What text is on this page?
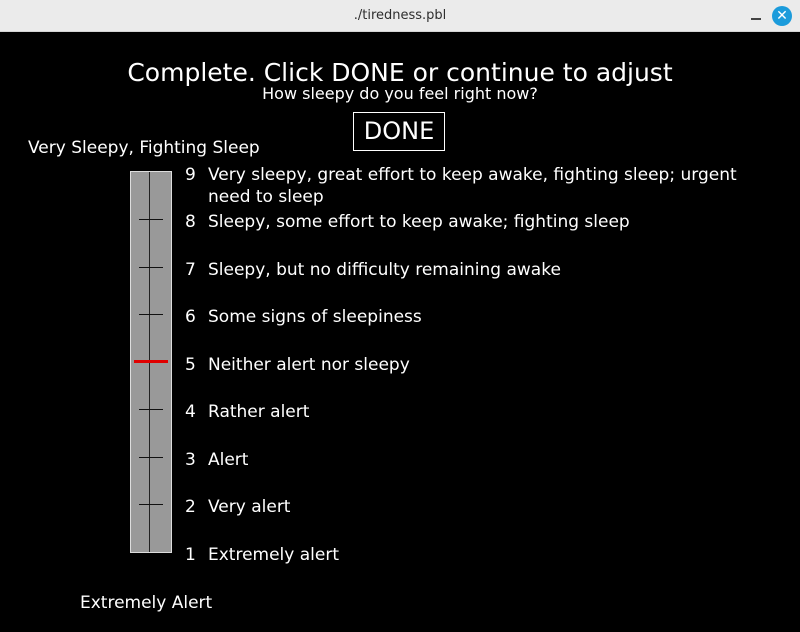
./tiredness.pbl	✕
Complete. Click DONE or continue to adjust
How sleepy do you feel right now?
DONE
Very Sleepy, Fighting Sleep
Extremely Alert
9 Very sleepy, great effort to keep awake, fighting sleep; urgent need to sleep
8 Sleepy, some effort to keep awake; fighting sleep
7 Sleepy, but no difficulty remaining awake
6 Some signs of sleepiness
5 Neither alert nor sleepy
4 Rather alert
3 Alert
2 Very alert
1 Extremely alert
